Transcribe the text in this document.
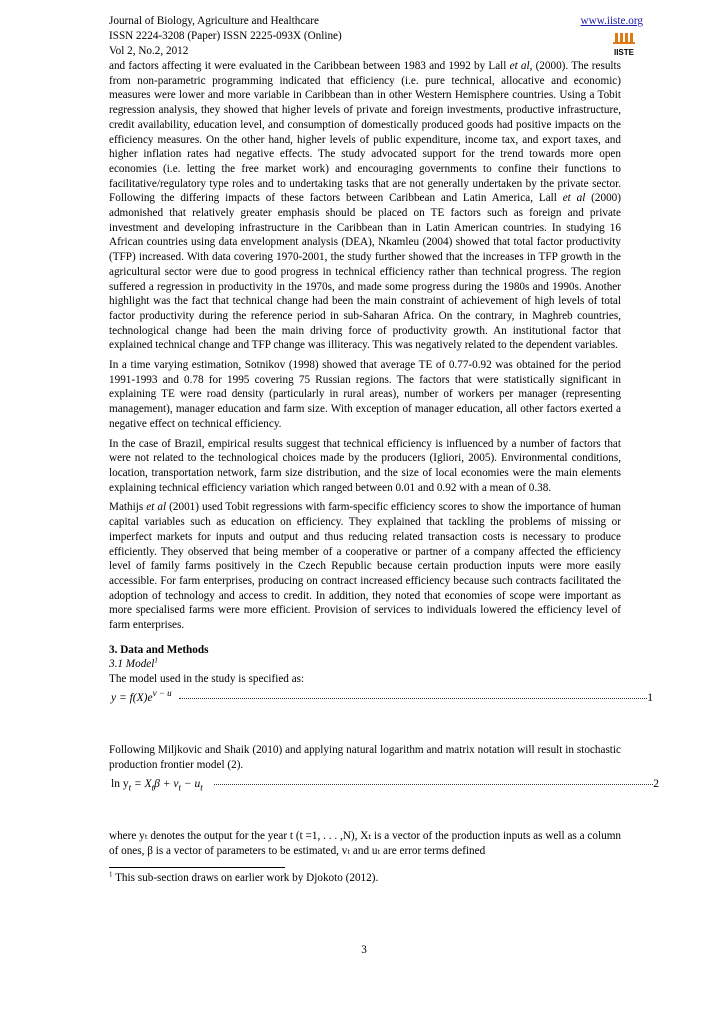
Journal of Biology, Agriculture and Healthcare	www.iiste.org
ISSN 2224-3208 (Paper) ISSN 2225-093X (Online)
Vol 2, No.2, 2012	IISTE

and factors affecting it were evaluated in the Caribbean between 1983 and 1992 by Lall et al, (2000). The results from non-parametric programming indicated that efficiency (i.e. pure technical, allocative and economic) measures were lower and more variable in Caribbean than in other Western Hemisphere countries. Using a Tobit regression analysis, they showed that higher levels of private and foreign investments, productive infrastructure, credit availability, education level, and consumption of domestically produced goods had positive impacts on the efficiency measures. On the other hand, higher levels of public expenditure, income tax, and export taxes, and higher inflation rates had negative effects. The study advocated support for the trend towards more open economies (i.e. letting the free market work) and encouraging governments to confine their functions to facilitative/regulatory type roles and to undertaking tasks that are not generally undertaken by the private sector. Following the differing impacts of these factors between Caribbean and Latin America, Lall et al (2000) admonished that relatively greater emphasis should be placed on TE factors such as foreign and private investment and developing infrastructure in the Caribbean than in Latin American countries. In studying 16 African countries using data envelopment analysis (DEA), Nkamleu (2004) showed that total factor productivity (TFP) increased. With data covering 1970-2001, the study further showed that the increases in TFP growth in the agricultural sector were due to good progress in technical efficiency rather than technical progress. The region suffered a regression in productivity in the 1970s, and made some progress during the 1980s and 1990s. Another highlight was the fact that technical change had been the main constraint of achievement of high levels of total factor productivity during the reference period in sub-Saharan Africa. On the contrary, in Maghreb countries, technological change had been the main driving force of productivity growth. An institutional factor that explained technical change and TFP change was illiteracy. This was negatively related to the dependent variables.

In a time varying estimation, Sotnikov (1998) showed that average TE of 0.77-0.92 was obtained for the period 1991-1993 and 0.78 for 1995 covering 75 Russian regions. The factors that were statistically significant in explaining TE were road density (particularly in rural areas), number of workers per manager (representing management), manager education and farm size. With exception of manager education, all other factors exerted a negative effect on technical efficiency.

In the case of Brazil, empirical results suggest that technical efficiency is influenced by a number of factors that were not related to the technological choices made by the producers (Igliori, 2005). Environmental conditions, location, transportation network, farm size distribution, and the size of local economies were the main elements explaining technical efficiency variation which ranged between 0.01 and 0.92 with a mean of 0.38.

Mathijs et al (2001) used Tobit regressions with farm-specific efficiency scores to show the importance of human capital variables such as education on efficiency. They explained that tackling the problems of missing or imperfect markets for inputs and output and thus reducing related transaction costs is necessary to produce efficiently. They observed that being member of a cooperative or partner of a company affected the efficiency level of family farms positively in the Czech Republic because certain production inputs were more easily accessible. For farm enterprises, producing on contract increased efficiency because such contracts facilitated the adoption of technology and access to credit. In addition, they noted that economies of scope were important as more specialised farms were more efficient. Provision of services to individuals lowered the efficiency level of farm enterprises.

3. Data and Methods
3.1 Model$^1$
The model used in the study is specified as:
$y = f(X)e^{v - u}$	1

Following Miljkovic and Shaik (2010) and applying natural logarithm and matrix notation will result in stochastic production frontier model (2).

$\ln y_t = X_t\beta + v_t - u_t$	2

where yₜ denotes the output for the year t (t =1, . . . ,N), Xₜ is a vector of the production inputs as well as a column of ones, β is a vector of parameters to be estimated, vₜ and uₜ are error terms defined

$^1$ This sub-section draws on earlier work by Djokoto (2012).
3
